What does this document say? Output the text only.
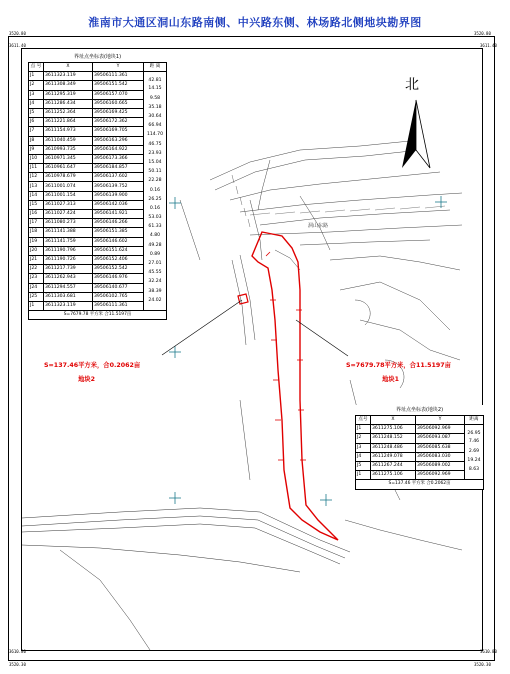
淮南市大通区洞山东路南侧、中兴路东侧、林场路北侧地块勘界图
3520.80
3611.40
3520.80
3611.40
3610.80
3520.30
3610.80
3520.30
北
洞山东路
界址点坐标表(地块1)			
点 号	X	Y	距 离
J1	3611323.119	39506111.361	42.81
J2	3611308.349	39506151.542	14.15
J3	3611295.319	39506157.070	9.58
J4	3611286.434	39506160.665	35.18
J5	3611252.364	39506169.425	30.64
J6	3611221.864	39506172.362	66.94
J7	3611154.973	39506169.705	114.70
J8	3611040.459	39506163.296	46.75
J9	3610993.735	39506164.922	23.93
J10	3610971.345	39506173.366	15.04
J11	3610961.647	39506184.857	50.11
J12	3610978.679	39506137.602	22.28
J13	3611001.074	39506139.752	0.16
J14	3611001.154	39506139.900	26.25
J15	3611027.313	39506142.036	0.16
J16	3611027.424	39506141.921	53.03
J17	3611080.273	39506146.266	61.33
J18	3611141.388	39506151.385	4.80
J19	3611141.759	39506146.602	49.28
J20	3611190.796	39506151.624	0.89
J21	3611190.726	39506152.406	27.01
J22	3611217.739	39506152.542	45.55
J23	3611262.943	39506146.976	32.24
J24	3611294.557	39506140.677	38.39
J25	3611303.681	39506102.765	24.02
J1	3611323.119	39506111.361	
S=7679.78 平方米 合11.5197亩			
界址点坐标表(地块2)			
点号	X	Y	距离
J1	3611275.106	39506092.969	26.95
J2	3611248.152	39506093.087	7.46
J3	3611248.486	39506085.638	2.69
J4	3611249.078	39506083.030	19.24
J5	3611267.244	39506089.002	8.63
J1	3611275.106	39506092.969	
S=137.46 平方米 合0.2062亩			
S=137.46平方米，合0.2062亩
地块2
S=7679.78平方米，合11.5197亩
地块1
